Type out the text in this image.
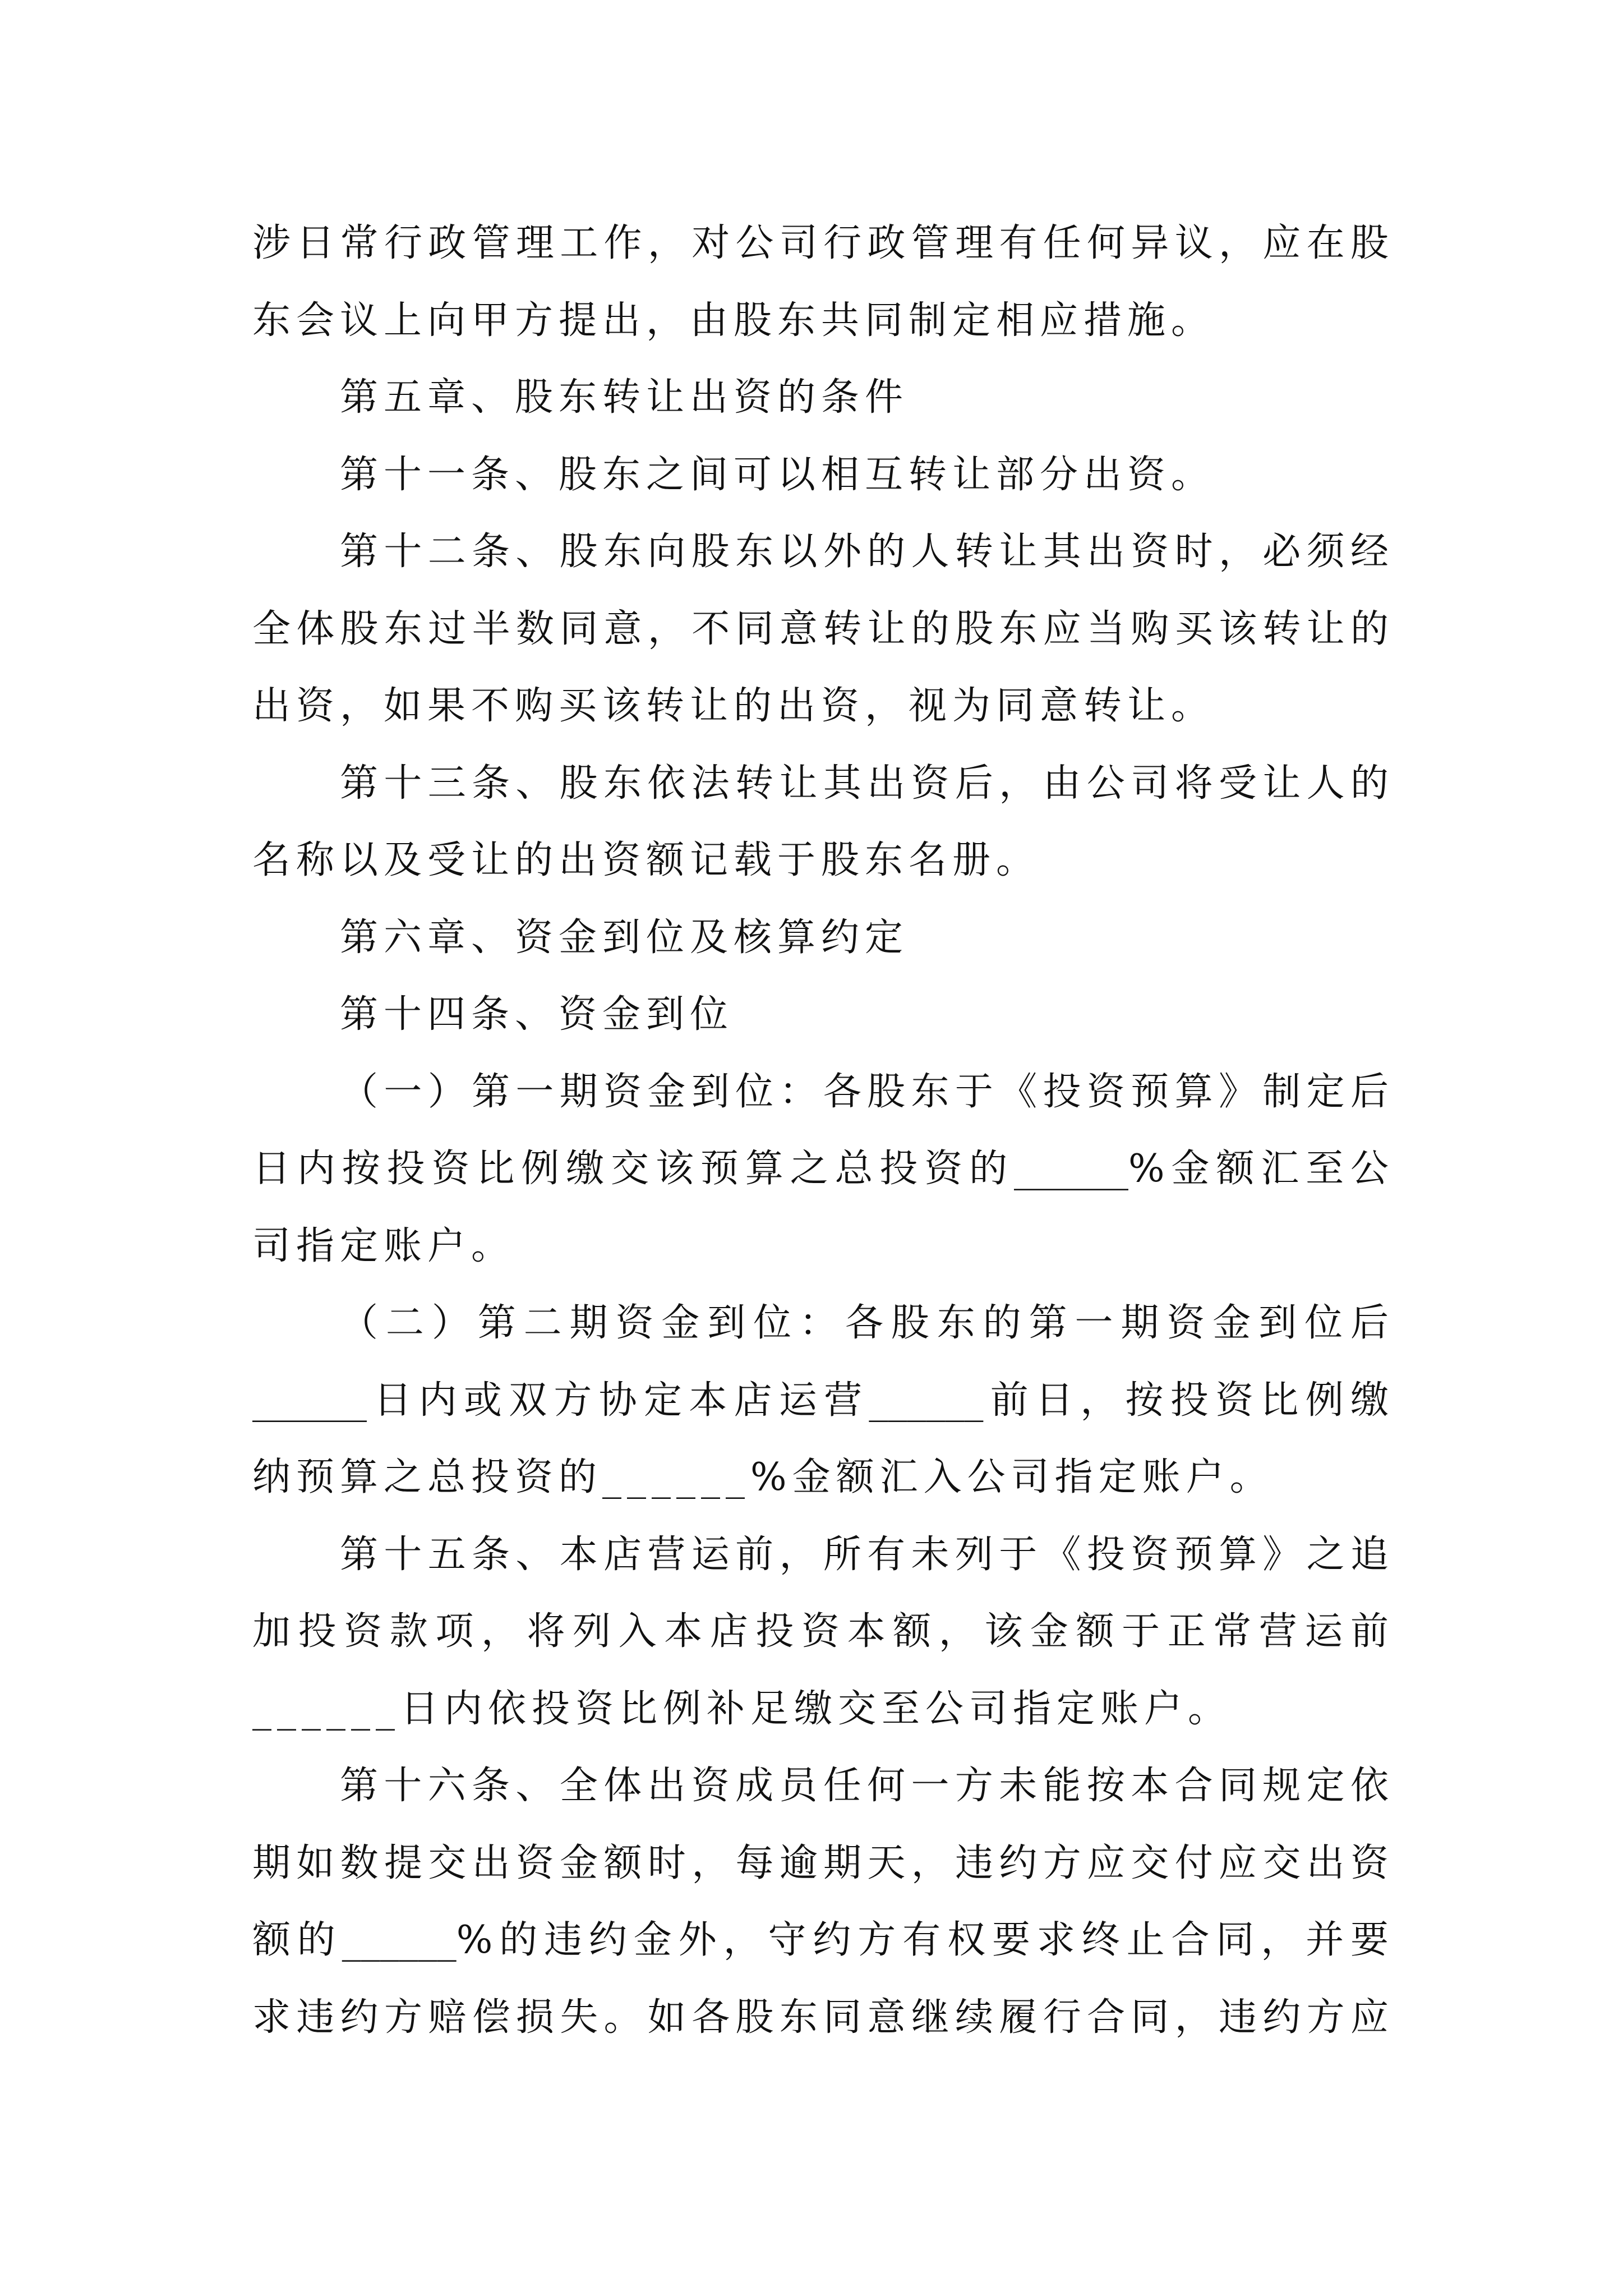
涉日常行政管理工作，对公司行政管理有任何异议，应在股
东会议上向甲方提出，由股东共同制定相应措施。
第五章、股东转让出资的条件
第十一条、股东之间可以相互转让部分出资。
第十二条、股东向股东以外的人转让其出资时，必须经
全体股东过半数同意，不同意转让的股东应当购买该转让的
出资，如果不购买该转让的出资，视为同意转让。
第十三条、股东依法转让其出资后，由公司将受让人的
名称以及受让的出资额记载于股东名册。
第六章、资金到位及核算约定
第十四条、资金到位
（一）第一期资金到位：各股东于《投资预算》制定后
日内按投资比例缴交该预算之总投资的______%金额汇至公
司指定账户。
（二）第二期资金到位：各股东的第一期资金到位后
______日内或双方协定本店运营______前日，按投资比例缴
纳预算之总投资的______%金额汇入公司指定账户。
第十五条、本店营运前，所有未列于《投资预算》之追
加投资款项，将列入本店投资本额，该金额于正常营运前
______日内依投资比例补足缴交至公司指定账户。
第十六条、全体出资成员任何一方未能按本合同规定依
期如数提交出资金额时，每逾期天，违约方应交付应交出资
额的______%的违约金外，守约方有权要求终止合同，并要
求违约方赔偿损失。如各股东同意继续履行合同，违约方应
